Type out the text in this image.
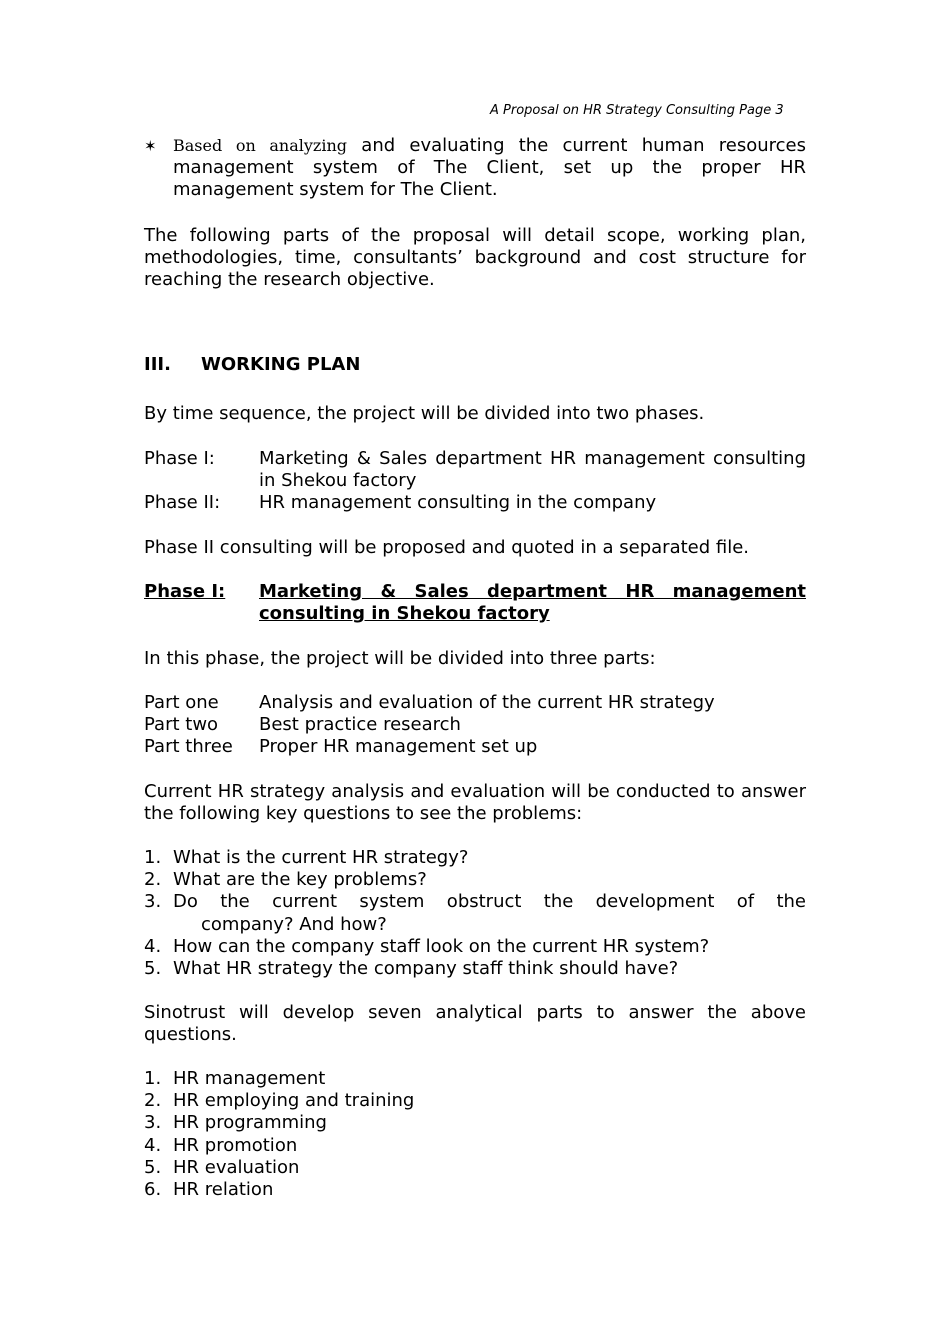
A Proposal on HR Strategy Consulting Page 3
✶	Based on analyzing and evaluating the current human resources management system of The Client, set up the proper HR management system for The Client.
The following parts of the proposal will detail scope, working plan, methodologies, time, consultants’ background and cost structure for reaching the research objective.
III. WORKING PLAN
By time sequence, the project will be divided into two phases.
Phase I:	Marketing & Sales department HR management consulting in Shekou factory
Phase II:	HR management consulting in the company
Phase II consulting will be proposed and quoted in a separated file.
Phase I:	Marketing & Sales department HR management consulting in Shekou factory
In this phase, the project will be divided into three parts:
Part one	Analysis and evaluation of the current HR strategy
Part two	Best practice research
Part three	Proper HR management set up
Current HR strategy analysis and evaluation will be conducted to answer the following key questions to see the problems:
1. What is the current HR strategy?
2. What are the key problems?
3. Do the current system obstruct the development of the
company? And how?
4. How can the company staff look on the current HR system?
5. What HR strategy the company staff think should have?
Sinotrust will develop seven analytical parts to answer the above questions.
1. HR management
2. HR employing and training
3. HR programming
4. HR promotion
5. HR evaluation
6. HR relation
